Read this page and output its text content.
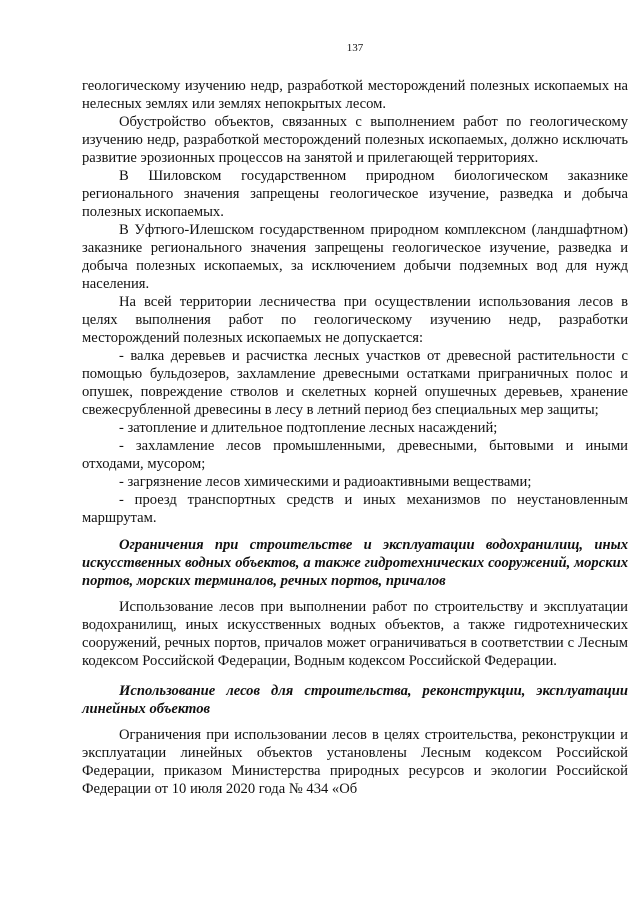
137

геологическому изучению недр, разработкой месторождений полезных ископаемых на нелесных землях или землях непокрытых лесом.

Обустройство объектов, связанных с выполнением работ по геологическому изучению недр, разработкой месторождений полезных ископаемых, должно исключать развитие эрозионных процессов на занятой и прилегающей территориях.

В Шиловском государственном природном биологическом заказнике регионального значения запрещены геологическое изучение, разведка и добыча полезных ископаемых.

В Уфтюго-Илешском государственном природном комплексном (ландшафтном) заказнике регионального значения запрещены геологическое изучение, разведка и добыча полезных ископаемых, за исключением добычи подземных вод для нужд населения.

На всей территории лесничества при осуществлении использования лесов в целях выполнения работ по геологическому изучению недр, разработки месторождений полезных ископаемых не допускается:

- валка деревьев и расчистка лесных участков от древесной растительности с помощью бульдозеров, захламление древесными остатками приграничных полос и опушек, повреждение стволов и скелетных корней опушечных деревьев, хранение свежесрубленной древесины в лесу в летний период без специальных мер защиты;

- затопление и длительное подтопление лесных насаждений;

- захламление лесов промышленными, древесными, бытовыми и иными отходами, мусором;

- загрязнение лесов химическими и радиоактивными веществами;

- проезд транспортных средств и иных механизмов по неустановленным маршрутам.

Ограничения при строительстве и эксплуатации водохранилищ, иных искусственных водных объектов, а также гидротехнических сооружений, морских портов, морских терминалов, речных портов, причалов

Использование лесов при выполнении работ по строительству и эксплуатации водохранилищ, иных искусственных водных объектов, а также гидротехнических сооружений, речных портов, причалов может ограничиваться в соответствии с Лесным кодексом Российской Федерации, Водным кодексом Российской Федерации.

Использование лесов для строительства, реконструкции, эксплуатации линейных объектов

Ограничения при использовании лесов в целях строительства, реконструкции и эксплуатации линейных объектов установлены Лесным кодексом Российской Федерации, приказом Министерства природных ресурсов и экологии Российской Федерации от 10 июля 2020 года № 434 «Об
